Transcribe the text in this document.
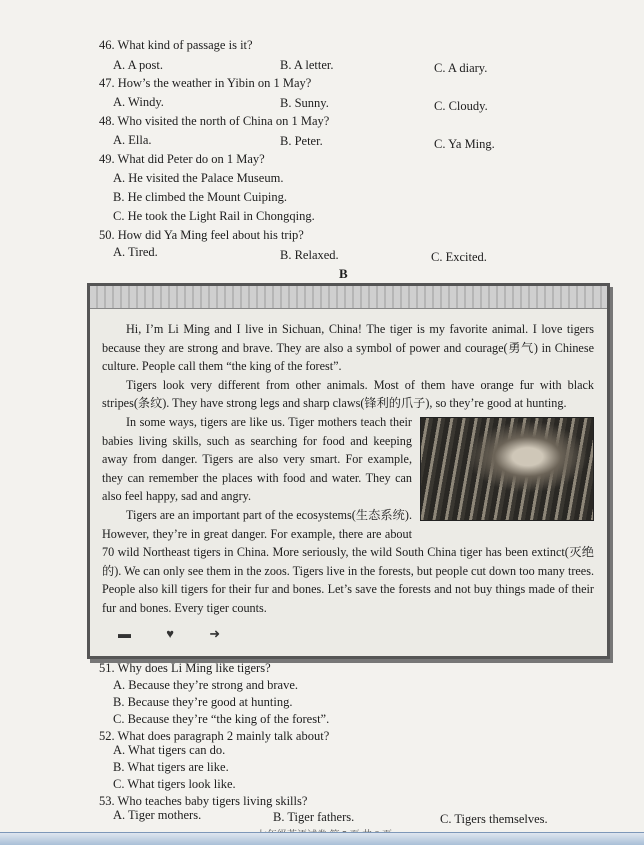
46. What kind of passage is it?
A. A post.	B. A letter.	C. A diary.
47. How’s the weather in Yibin on 1 May?
A. Windy.	B. Sunny.	C. Cloudy.
48. Who visited the north of China on 1 May?
A. Ella.	B. Peter.	C. Ya Ming.
49. What did Peter do on 1 May?
A. He visited the Palace Museum.
B. He climbed the Mount Cuiping.
C. He took the Light Rail in Chongqing.
50. How did Ya Ming feel about his trip?
A. Tired.	B. Relaxed.	C. Excited.
B

Hi, I’m Li Ming and I live in Sichuan, China! The tiger is my favorite animal. I love tigers because they are strong and brave. They are also a symbol of power and courage(勇气) in Chinese culture. People call them “the king of the forest”.

Tigers look very different from other animals. Most of them have orange fur with black stripes(条纹). They have strong legs and sharp claws(锋利的爪子), so they’re good at hunting.

In some ways, tigers are like us. Tiger mothers teach their babies living skills, such as searching for food and keeping away from danger. Tigers are also very smart. For example, they can remember the places with food and water. They can also feel happy, sad and angry.

Tigers are an important part of the ecosystems(生态系统). However, they’re in great danger. For example, there are about 70 wild Northeast tigers in China. More seriously, the wild South China tiger has been extinct(灭绝的). We can only see them in the zoos. Tigers live in the forests, but people cut down too many trees. People also kill tigers for their fur and bones. Let’s save the forests and not buy things made of their fur and bones. Every tiger counts.

▬ ♥ ➜
51. Why does Li Ming like tigers?
A. Because they’re strong and brave.
B. Because they’re good at hunting.
C. Because they’re “the king of the forest”.
52. What does paragraph 2 mainly talk about?
A. What tigers can do.
B. What tigers are like.
C. What tigers look like.
53. Who teaches baby tigers living skills?
A. Tiger mothers.	B. Tiger fathers.	C. Tigers themselves.
